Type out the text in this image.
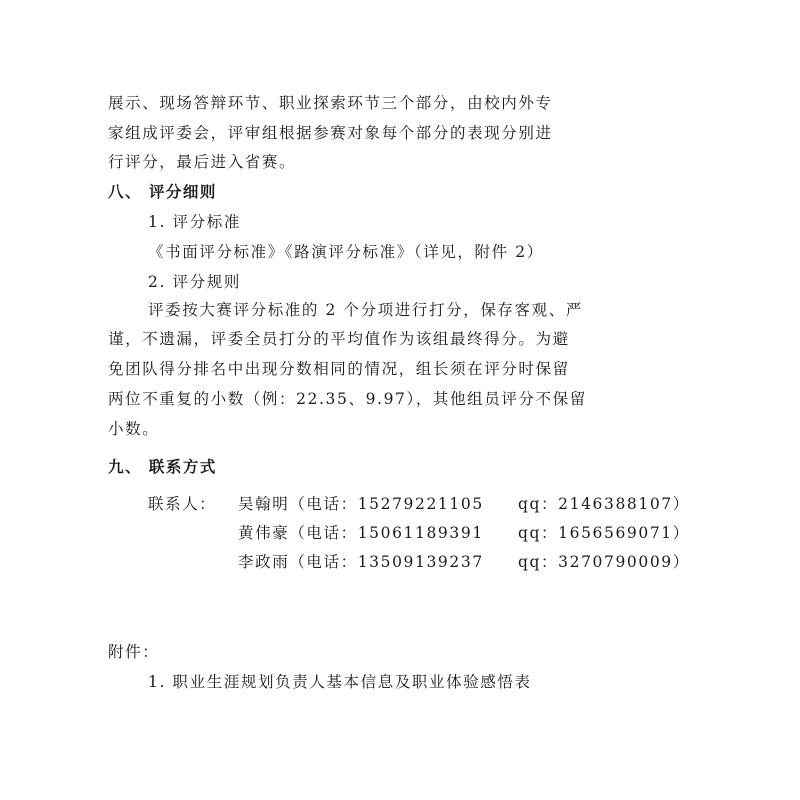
展示、现场答辩环节、职业探索环节三个部分，由校内外专
家组成评委会，评审组根据参赛对象每个部分的表现分别进
行评分，最后进入省赛。
八、 评分细则
1. 评分标准
《书面评分标准》《路演评分标准》（详见，附件 2）
2. 评分规则
评委按大赛评分标准的 2 个分项进行打分，保存客观、严
谨，不遗漏，评委全员打分的平均值作为该组最终得分。为避
免团队得分排名中出现分数相同的情况，组长须在评分时保留
两位不重复的小数（例：22.35、9.97），其他组员评分不保留
小数。
九、 联系方式
联系人： 吴翰明（电话：15279221105 qq：2146388107）
黄伟豪（电话：15061189391 qq：1656569071）
李政雨（电话：13509139237 qq：3270790009）
附件：
1. 职业生涯规划负责人基本信息及职业体验感悟表
